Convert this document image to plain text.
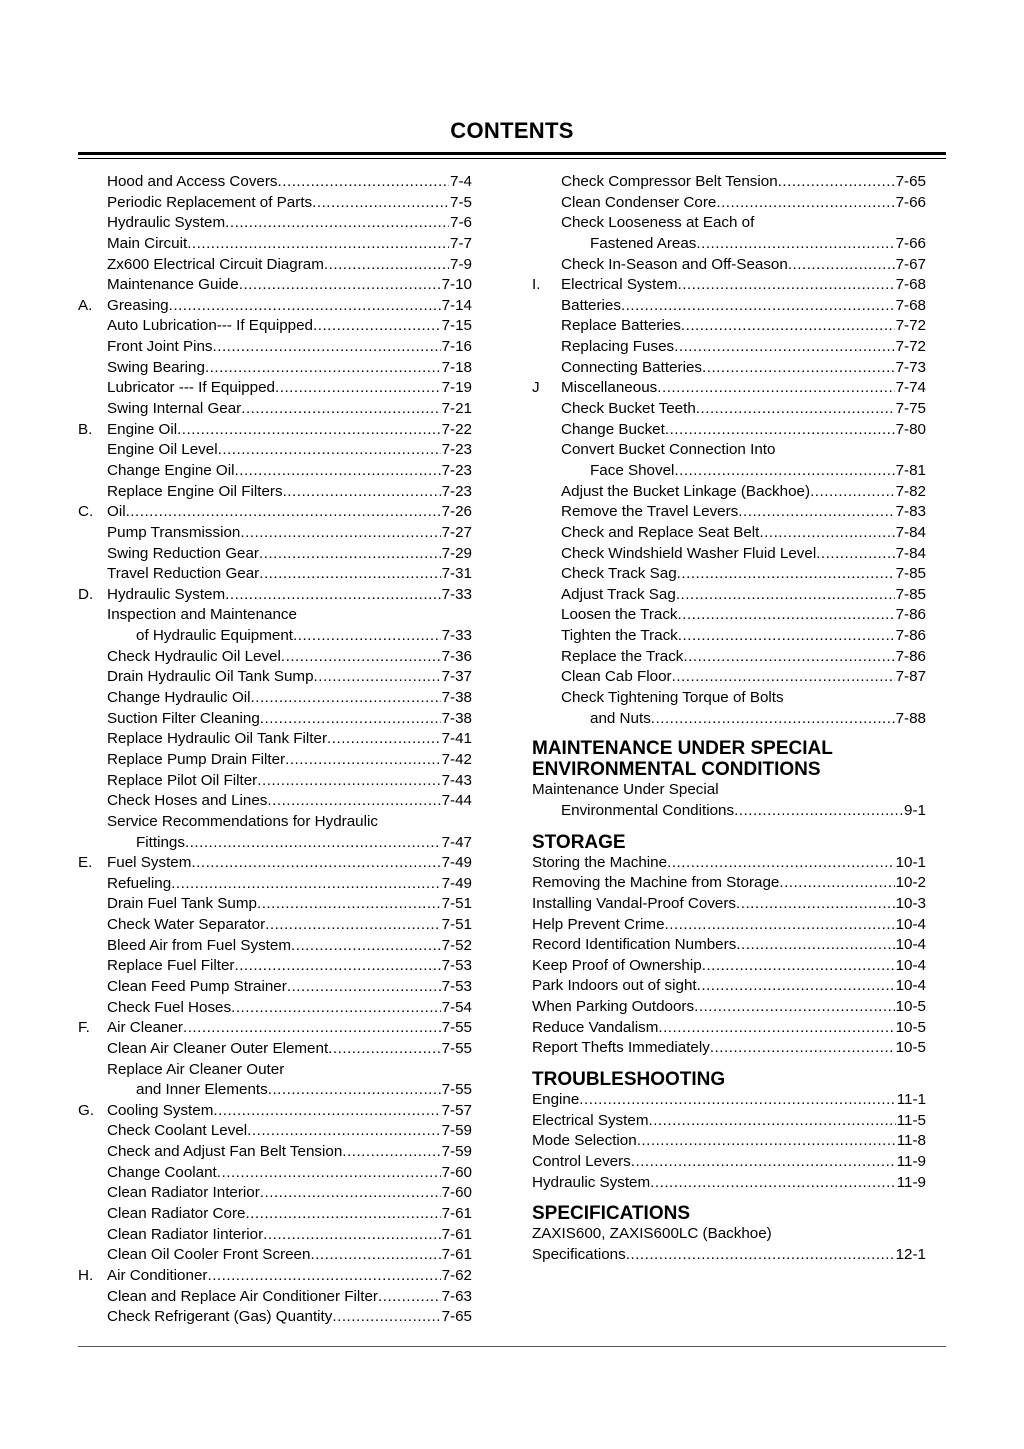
CONTENTS
Hood and Access Covers .....	7-4
Periodic Replacement of Parts .....	7-5
Hydraulic System .....	7-6
Main Circuit .....	7-7
Zx600 Electrical Circuit Diagram .....	7-9
Maintenance Guide .....	7-10
A. Greasing .....	7-14
Auto Lubrication--- If Equipped .....	7-15
Front Joint Pins .....	7-16
Swing Bearing .....	7-18
Lubricator --- If Equipped .....	7-19
Swing Internal Gear .....	7-21
B. Engine Oil .....	7-22
Engine Oil Level .....	7-23
Change Engine Oil .....	7-23
Replace Engine Oil Filters .....	7-23
C. Oil .....	7-26
Pump Transmission .....	7-27
Swing Reduction Gear .....	7-29
Travel Reduction Gear .....	7-31
D. Hydraulic System .....	7-33
Inspection and Maintenance
of Hydraulic Equipment .....	7-33
Check Hydraulic Oil Level .....	7-36
Drain Hydraulic Oil Tank Sump .....	7-37
Change Hydraulic Oil .....	7-38
Suction Filter Cleaning .....	7-38
Replace Hydraulic Oil Tank Filter .....	7-41
Replace Pump Drain Filter .....	7-42
Replace Pilot Oil Filter .....	7-43
Check Hoses and Lines .....	7-44
Service Recommendations for Hydraulic
Fittings .....	7-47
E. Fuel System .....	7-49
Refueling .....	7-49
Drain Fuel Tank Sump .....	7-51
Check Water Separator .....	7-51
Bleed Air from Fuel System .....	7-52
Replace Fuel Filter .....	7-53
Clean Feed Pump Strainer .....	7-53
Check Fuel Hoses .....	7-54
F.	Air Cleaner .....	7-55
Clean Air Cleaner Outer Element .....	7-55
Replace Air Cleaner Outer
and Inner Elements .....	7-55
G. Cooling System .....	7-57
Check Coolant Level .....	7-59
Check and Adjust Fan Belt Tension .....	7-59
Change Coolant .....	7-60
Clean Radiator Interior .....	7-60
Clean Radiator Core .....	7-61
Clean Radiator Iinterior .....	7-61
Clean Oil Cooler Front Screen .....	7-61
H. Air Conditioner .....	7-62
Clean and Replace Air Conditioner Filter .....	7-63
Check Refrigerant (Gas) Quantity .....	7-65
Check Compressor Belt Tension .....	7-65
Clean Condenser Core .....	7-66
Check Looseness at Each of
Fastened Areas .....	7-66
Check In-Season and Off-Season .....	7-67
I.	Electrical System .....	7-68
Batteries .....	7-68
Replace Batteries .....	7-72
Replacing Fuses .....	7-72
Connecting Batteries .....	7-73
J	Miscellaneous .....	7-74
Check Bucket Teeth .....	7-75
Change Bucket .....	7-80
Convert Bucket Connection Into
Face Shovel .....	7-81
Adjust the Bucket Linkage (Backhoe) .....	7-82
Remove the Travel Levers .....	7-83
Check and Replace Seat Belt .....	7-84
Check Windshield Washer Fluid Level .....	7-84
Check Track Sag .....	7-85
Adjust Track Sag .....	7-85
Loosen the Track .....	7-86
Tighten the Track .....	7-86
Replace the Track .....	7-86
Clean Cab Floor .....	7-87
Check Tightening Torque of Bolts
and Nuts .....	7-88
MAINTENANCE UNDER SPECIAL
ENVIRONMENTAL CONDITIONS
Maintenance Under Special
Environmental Conditions .....	9-1
STORAGE
Storing the Machine .....	10-1
Removing the Machine from Storage .....	10-2
Installing Vandal-Proof Covers .....	10-3
Help Prevent Crime .....	10-4
Record Identification Numbers .....	10-4
Keep Proof of Ownership .....	10-4
Park Indoors out of sight .....	10-4
When Parking Outdoors .....	10-5
Reduce Vandalism .....	10-5
Report Thefts Immediately .....	10-5
TROUBLESHOOTING
Engine .....	11-1
Electrical System .....	11-5
Mode Selection .....	11-8
Control Levers .....	11-9
Hydraulic System .....	11-9
SPECIFICATIONS
ZAXIS600, ZAXIS600LC (Backhoe)
Specifications .....	12-1
